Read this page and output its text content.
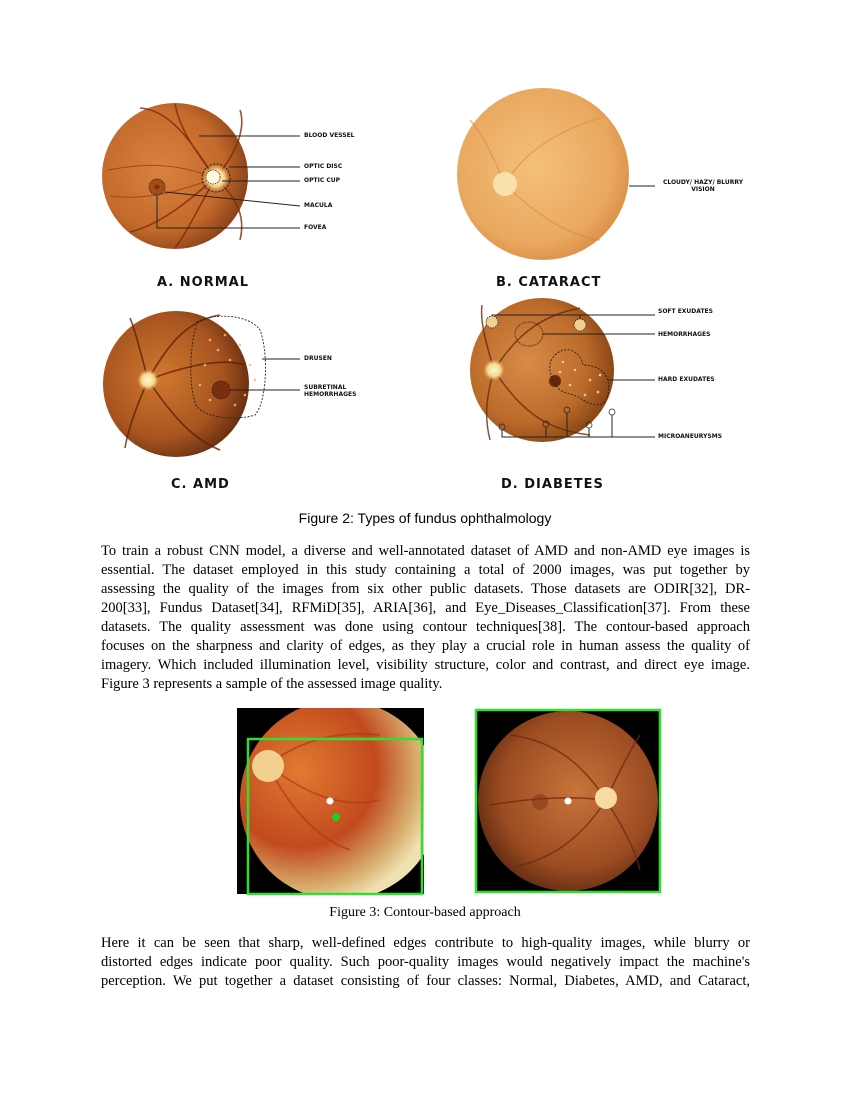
BLOOD VESSEL
OPTIC DISC
OPTIC CUP
MACULA
FOVEA
CLOUDY/ HAZY/ BLURRY
VISION
DRUSEN
SUBRETINAL
HEMORRHAGES
SOFT EXUDATES
HEMORRHAGES
HARD EXUDATES
MICROANEURYSMS
A. NORMAL	B. CATARACT
C. AMD	D. DIABETES
Figure 2: Types of fundus ophthalmology
To train a robust CNN model, a diverse and well-annotated dataset of AMD and non-AMD eye images is
essential. The dataset employed in this study containing a total of 2000 images, was put together by
assessing the quality of the images from six other public datasets. Those datasets are ODIR[32], DR-
200[33], Fundus Dataset[34], RFMiD[35], ARIA[36], and Eye_Diseases_Classification[37]. From these
datasets. The quality assessment was done using contour techniques[38]. The contour-based approach
focuses on the sharpness and clarity of edges, as they play a crucial role in human assess the quality of
imagery. Which included illumination level, visibility structure, color and contrast, and direct eye image.
Figure 3 represents a sample of the assessed image quality.
Figure 3: Contour-based approach
Here it can be seen that sharp, well-defined edges contribute to high-quality images, while blurry or
distorted edges indicate poor quality. Such poor-quality images would negatively impact the machine's
perception. We put together a dataset consisting of four classes: Normal, Diabetes, AMD, and Cataract,
